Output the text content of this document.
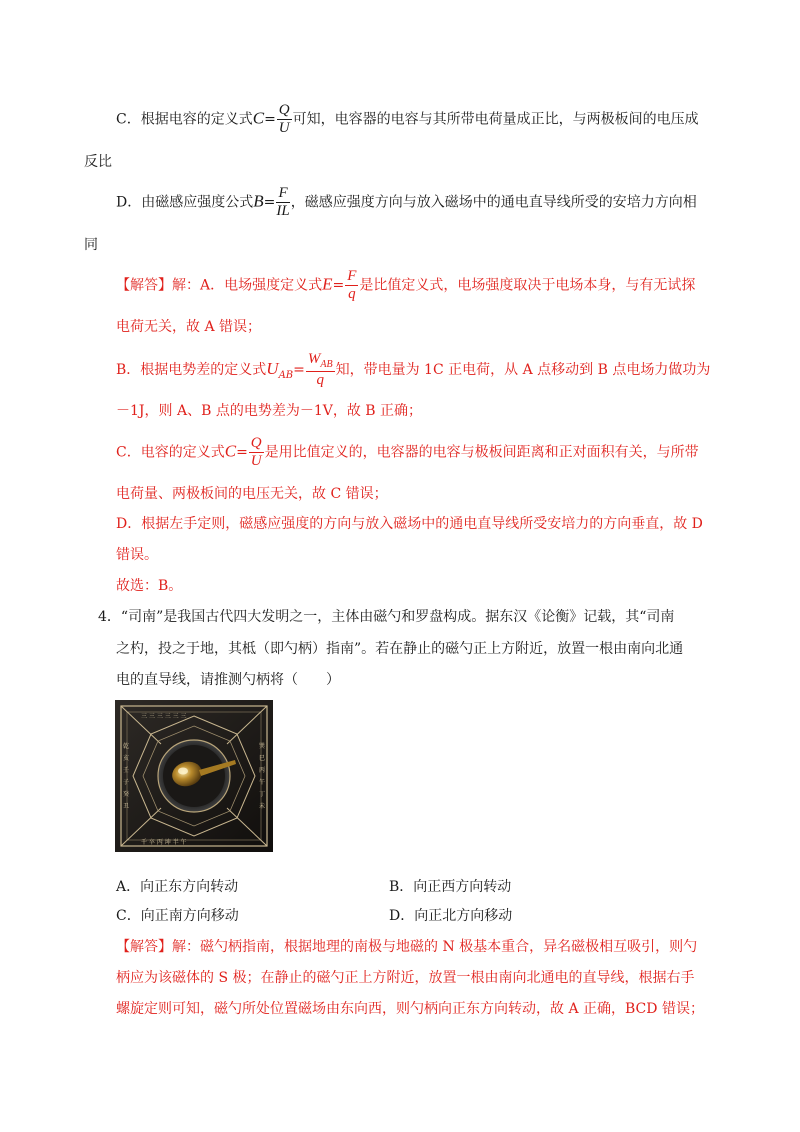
C．根据电容的定义式$C= \frac{Q}{U}$ 可知，电容器的电容与其所带电荷量成正比，与两极板间的电压成
反比
D．由磁感应强度公式$B= \frac{F}{IL}$ ，磁感应强度方向与放入磁场中的通电直导线所受的安培力方向相
同
【解答】解：A．电场强度定义式$E= \frac{F}{q}$ 是比值定义式，电场强度取决于电场本身，与有无试探
电荷无关，故 A 错误；
B．根据电势差的定义式$U_{AB}= \frac{W_{AB}}{q}$ 知，带电量为 1C 正电荷，从 A 点移动到 B 点电场力做功为
－1J，则 A、B 点的电势差为－1V，故 B 正确；
C．电容的定义式$C= \frac{Q}{U}$ 是用比值定义的，电容器的电容与极板间距离和正对面积有关，与所带
电荷量、两极板间的电压无关，故 C 错误；
D．根据左手定则，磁感应强度的方向与放入磁场中的通电直导线所受安培力的方向垂直，故 D
错误。
故选：B。
4．“司南”是我国古代四大发明之一，主体由磁勺和罗盘构成。据东汉《论衡》记载，其“司南
之杓，投之于地，其柢（即勺柄）指南”。若在静止的磁勺正上方附近，放置一根由南向北通
电的直导线，请推测勺柄将（　　）
三 三 三 三 三 三
千 卒 丙 坤 半 午
乾
亥
壬
子
癸
丑
巽
巳
丙
午
丁
未
A．向正东方向转动	B．向正西方向转动
C．向正南方向移动	D．向正北方向移动
【解答】解：磁勺柄指南，根据地理的南极与地磁的 N 极基本重合，异名磁极相互吸引，则勺
柄应为该磁体的 S 极；在静止的磁勺正上方附近，放置一根由南向北通电的直导线，根据右手
螺旋定则可知，磁勺所处位置磁场由东向西，则勺柄向正东方向转动，故 A 正确，BCD 错误；
